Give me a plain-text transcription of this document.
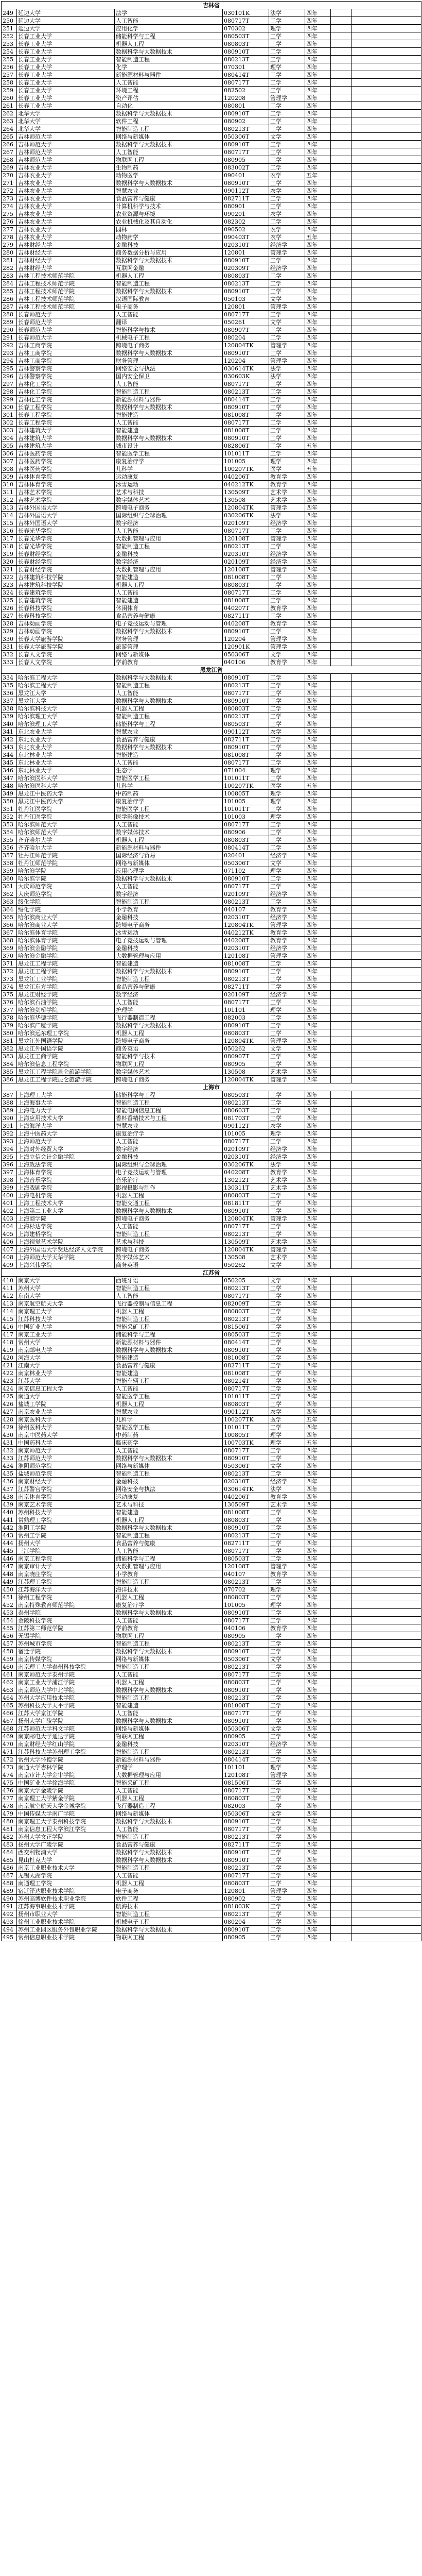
吉林省							
249	延边大学	法学	030101K	法学	四年		
250	延边大学	人工智能	080717T	工学	四年		
251	延边大学	应用化学	070302	理学	四年		
252	长春工业大学	储能科学与工程	080503T	工学	四年		
253	长春工业大学	机器人工程	080803T	工学	四年		
254	长春工业大学	数据科学与大数据技术	080910T	工学	四年		
255	长春工业大学	智能制造工程	080213T	工学	四年		
256	长春工业大学	化学	070301	理学	四年		
257	长春工业大学	新能源材料与器件	080414T	工学	四年		
258	长春工业大学	人工智能	080717T	工学	四年		
259	长春工业大学	环境工程	082502	工学	四年		
260	长春工业大学	资产评估	120208	管理学	四年		
261	长春工业大学	自动化	080801	工学	四年		
262	北华大学	数据科学与大数据技术	080910T	工学	四年		
263	北华大学	软件工程	080902	工学	四年		
264	北华大学	智能制造工程	080213T	工学	四年		
265	吉林师范大学	网络与新媒体	050306T	文学	四年		
266	吉林师范大学	数据科学与大数据技术	080910T	工学	四年		
267	吉林师范大学	人工智能	080717T	工学	四年		
268	吉林师范大学	物联网工程	080905	工学	四年		
269	吉林农业大学	生物制药	083002T	工学	四年		
270	吉林农业大学	动物医学	090401	农学	五年		
271	吉林农业大学	数据科学与大数据技术	080910T	工学	四年		
272	吉林农业大学	智慧农业	090112T	农学	四年		
273	吉林农业大学	食品营养与健康	082711T	工学	四年		
274	吉林农业大学	计算机科学与技术	080901	工学	四年		
275	吉林农业大学	农业资源与环境	090201	农学	四年		
276	吉林农业大学	农业机械化及其自动化	082302	工学	四年		
277	吉林农业大学	园林	090502	农学	四年		
278	吉林农业大学	动物药学	090403T	农学	五年		
279	吉林财经大学	金融科技	020310T	经济学	四年		
280	吉林财经大学	商务数据分析与应用	120801	管理学	四年		
281	吉林财经大学	数据科学与大数据技术	080910T	工学	四年		
282	吉林财经大学	互联网金融	020309T	经济学	四年		
283	吉林工程技术师范学院	机器人工程	080803T	工学	四年		
284	吉林工程技术师范学院	智能制造工程	080213T	工学	四年		
285	吉林工程技术师范学院	数据科学与大数据技术	080910T	工学	四年		
286	吉林工程技术师范学院	汉语国际教育	050103	文学	四年		
287	吉林工程技术师范学院	电子商务	120801	管理学	四年		
288	长春师范大学	人工智能	080717T	工学	四年		
289	长春师范大学	翻译	050261	文学	四年		
290	长春师范大学	智能科学与技术	080907T	工学	四年		
291	长春师范大学	机械电子工程	080204	工学	四年		
292	吉林工商学院	跨境电子商务	120804TK	管理学	四年		
293	吉林工商学院	数据科学与大数据技术	080910T	工学	四年		
294	吉林工商学院	财务管理	120204	管理学	四年		
295	吉林警察学院	网络安全与执法	030614TK	法学	四年		
296	吉林警察学院	国内安全保卫	030603K	法学	四年		
297	吉林化工学院	人工智能	080717T	工学	四年		
298	吉林化工学院	智能制造工程	080213T	工学	四年		
299	吉林化工学院	新能源材料与器件	080414T	工学	四年		
300	长春工程学院	数据科学与大数据技术	080910T	工学	四年		
301	长春工程学院	智能建造	081008T	工学	四年		
302	长春工程学院	人工智能	080717T	工学	四年		
303	吉林建筑大学	智能建造	081008T	工学	四年		
304	吉林建筑大学	数据科学与大数据技术	080910T	工学	四年		
305	吉林建筑大学	城市设计	082806T	工学	五年		
306	吉林医药学院	智能医学工程	101011T	工学	四年		
307	吉林医药学院	康复治疗学	101005	理学	四年		
308	吉林医药学院	儿科学	100207TK	医学	五年		
309	吉林体育学院	运动康复	040206T	教育学	四年		
310	吉林体育学院	冰雪运动	040212TK	教育学	四年		
311	吉林艺术学院	艺术与科技	130509T	艺术学	四年		
312	吉林艺术学院	数字媒体艺术	130508	艺术学	四年		
313	吉林外国语大学	跨境电子商务	120804TK	管理学	四年		
314	吉林外国语大学	国际组织与全球治理	030206TK	法学	四年		
315	吉林外国语大学	数字经济	020109T	经济学	四年		
316	长春光华学院	人工智能	080717T	工学	四年		
317	长春光华学院	大数据管理与应用	120108T	管理学	四年		
318	长春光华学院	智能制造工程	080213T	工学	四年		
319	长春财经学院	金融科技	020310T	经济学	四年		
320	长春财经学院	数字经济	020109T	经济学	四年		
321	长春财经学院	大数据管理与应用	120108T	管理学	四年		
322	吉林建筑科技学院	智能建造	081008T	工学	四年		
323	吉林建筑科技学院	机器人工程	080803T	工学	四年		
324	长春建筑学院	人工智能	080717T	工学	四年		
325	长春建筑学院	智能建造	081008T	工学	四年		
326	长春科技学院	休闲体育	040207T	教育学	四年		
327	长春科技学院	食品营养与健康	082711T	工学	四年		
328	吉林动画学院	电子竞技运动与管理	040208T	教育学	四年		
329	吉林动画学院	数据科学与大数据技术	080910T	工学	四年		
330	长春大学旅游学院	财务管理	120204	管理学	四年		
331	长春大学旅游学院	旅游管理	120901K	管理学	四年		
332	长春人文学院	网络与新媒体	050306T	文学	四年		
333	长春人文学院	学前教育	040106	教育学	四年		
黑龙江省							
334	哈尔滨工程大学	数据科学与大数据技术	080910T	工学	四年		
335	哈尔滨工程大学	智能制造工程	080213T	工学	四年		
336	黑龙江大学	人工智能	080717T	工学	四年		
337	黑龙江大学	数据科学与大数据技术	080910T	工学	四年		
338	哈尔滨科技大学	机器人工程	080803T	工学	四年		
339	哈尔滨理工大学	智能制造工程	080213T	工学	四年		
340	哈尔滨理工大学	储能科学与工程	080503T	工学	四年		
341	东北农业大学	智慧农业	090112T	农学	四年		
342	东北农业大学	食品营养与健康	082711T	工学	四年		
343	东北农业大学	数据科学与大数据技术	080910T	工学	四年		
344	东北林业大学	智能建造	081008T	工学	四年		
345	东北林业大学	人工智能	080717T	工学	四年		
346	东北林业大学	生态学	071004	理学	四年		
347	哈尔滨医科大学	智能医学工程	101011T	工学	四年		
348	哈尔滨医科大学	儿科学	100207TK	医学	五年		
349	黑龙江中医药大学	中药制药	100805T	理学	四年		
350	黑龙江中医药大学	康复治疗学	101005	理学	四年		
351	牡丹江医学院	智能医学工程	101011T	工学	四年		
352	牡丹江医学院	医学影像技术	101003	理学	四年		
353	哈尔滨师范大学	人工智能	080717T	工学	四年		
354	哈尔滨师范大学	数字媒体技术	080906	工学	四年		
355	齐齐哈尔大学	机器人工程	080803T	工学	四年		
356	齐齐哈尔大学	新能源材料与器件	080414T	工学	四年		
357	牡丹江师范学院	国际经济与贸易	020401	经济学	四年		
358	牡丹江师范学院	网络与新媒体	050306T	文学	四年		
359	哈尔滨学院	应用心理学	071102	理学	四年		
360	哈尔滨学院	数据科学与大数据技术	080910T	工学	四年		
361	大庆师范学院	人工智能	080717T	工学	四年		
362	大庆师范学院	数字经济	020109T	经济学	四年		
363	绥化学院	智能制造工程	080213T	工学	四年		
364	绥化学院	小学教育	040107	教育学	四年		
365	哈尔滨商业大学	金融科技	020310T	经济学	四年		
366	哈尔滨商业大学	跨境电子商务	120804TK	管理学	四年		
367	哈尔滨体育学院	冰雪运动	040212TK	教育学	四年		
368	哈尔滨体育学院	电子竞技运动与管理	040208T	教育学	四年		
369	哈尔滨金融学院	金融科技	020310T	经济学	四年		
370	哈尔滨金融学院	大数据管理与应用	120108T	管理学	四年		
371	黑龙江工程学院	智能建造	081008T	工学	四年		
372	黑龙江工程学院	数据科学与大数据技术	080910T	工学	四年		
373	黑龙江工业学院	智能制造工程	080213T	工学	四年		
374	黑龙江东方学院	食品营养与健康	082711T	工学	四年		
375	黑龙江财经学院	数字经济	020109T	经济学	四年		
376	哈尔滨石油学院	人工智能	080717T	工学	四年		
377	哈尔滨剑桥学院	护理学	101101	理学	四年		
378	哈尔滨华德学院	飞行器制造工程	082003	工学	四年		
379	哈尔滨广厦学院	数据科学与大数据技术	080910T	工学	四年		
380	哈尔滨远东理工学院	机器人工程	080803T	工学	四年		
381	黑龙江外国语学院	跨境电子商务	120804TK	管理学	四年		
382	黑龙江外国语学院	商务英语	050262	文学	四年		
383	黑龙江工商学院	智能科学与技术	080907T	工学	四年		
384	哈尔滨信息工程学院	物联网工程	080905	工学	四年		
385	黑龙江工程学院昆仑旅游学院	数字媒体艺术	130508	艺术学	四年		
386	黑龙江工程学院昆仑旅游学院	跨境电子商务	120804TK	管理学	四年		
上海市							
387	上海理工大学	储能科学与工程	080503T	工学	四年		
388	上海海事大学	智能制造工程	080213T	工学	四年		
389	上海电力大学	智能电网信息工程	080603T	工学	四年		
390	上海应用技术大学	香料香精技术与工程	081703T	工学	四年		
391	上海海洋大学	智慧农业	090112T	农学	四年		
392	上海中医药大学	康复治疗学	101005	理学	四年		
393	上海师范大学	人工智能	080717T	工学	四年		
394	上海对外经贸大学	数字经济	020109T	经济学	四年		
395	上海立信会计金融学院	金融科技	020310T	经济学	四年		
396	上海政法学院	国际组织与全球治理	030206TK	法学	四年		
397	上海体育学院	电子竞技运动与管理	040208T	教育学	四年		
398	上海音乐学院	音乐治疗	130212T	艺术学	四年		
399	上海戏剧学院	影视摄影与制作	130311T	艺术学	四年		
400	上海电机学院	机器人工程	080803T	工学	四年		
401	上海工程技术大学	智能交通工程	081811T	工学	四年		
402	上海第二工业大学	数据科学与大数据技术	080910T	工学	四年		
403	上海商学院	跨境电子商务	120804TK	管理学	四年		
404	上海杉达学院	人工智能	080717T	工学	四年		
405	上海建桥学院	智能制造工程	080213T	工学	四年		
406	上海视觉艺术学院	艺术与科技	130509T	艺术学	四年		
407	上海外国语大学贤达经济人文学院	跨境电子商务	120804TK	管理学	四年		
408	上海师范大学天华学院	数字媒体艺术	130508	艺术学	四年		
409	上海兴伟学院	商务英语	050262	文学	四年		
江苏省							
410	南京大学	西班牙语	050205	文学	四年		
411	苏州大学	智能制造工程	080213T	工学	四年		
412	东南大学	人工智能	080717T	工学	四年		
413	南京航空航天大学	飞行器控制与信息工程	082009T	工学	四年		
414	南京理工大学	机器人工程	080803T	工学	四年		
415	江苏科技大学	智能制造工程	080213T	工学	四年		
416	中国矿业大学	智能采矿工程	081506T	工学	四年		
417	南京工业大学	储能科学与工程	080503T	工学	四年		
418	常州大学	新能源材料与器件	080414T	工学	四年		
419	南京邮电大学	数据科学与大数据技术	080910T	工学	四年		
420	河海大学	智能建造	081008T	工学	四年		
421	江南大学	食品营养与健康	082711T	工学	四年		
422	南京林业大学	智能建造	081008T	工学	四年		
423	江苏大学	智能车辆工程	080214T	工学	四年		
424	南京信息工程大学	人工智能	080717T	工学	四年		
425	南通大学	智能医学工程	101011T	工学	四年		
426	盐城工学院	机器人工程	080803T	工学	四年		
427	南京农业大学	智慧农业	090112T	农学	四年		
428	南京医科大学	儿科学	100207TK	医学	五年		
429	徐州医科大学	智能医学工程	101011T	工学	四年		
430	南京中医药大学	中药制药	100805T	理学	四年		
431	中国药科大学	临床药学	100703TK	理学	五年		
432	南京师范大学	人工智能	080717T	工学	四年		
433	江苏师范大学	数据科学与大数据技术	080910T	工学	四年		
434	淮阴师范学院	网络与新媒体	050306T	文学	四年		
435	盐城师范学院	智能制造工程	080213T	工学	四年		
436	南京财经大学	金融科技	020310T	经济学	四年		
437	江苏警官学院	网络安全与执法	030614TK	法学	四年		
438	南京体育学院	运动康复	040206T	教育学	四年		
439	南京艺术学院	艺术与科技	130509T	艺术学	四年		
440	苏州科技大学	智能建造	081008T	工学	四年		
441	常熟理工学院	机器人工程	080803T	工学	四年		
442	淮阴工学院	数据科学与大数据技术	080910T	工学	四年		
443	常州工学院	智能制造工程	080213T	工学	四年		
444	扬州大学	食品营养与健康	082711T	工学	四年		
445	三江学院	人工智能	080717T	工学	四年		
446	南京工程学院	储能科学与工程	080503T	工学	四年		
447	南京审计大学	大数据管理与应用	120108T	管理学	四年		
448	南京晓庄学院	小学教育	040107	教育学	四年		
449	江苏理工学院	智能制造工程	080213T	工学	四年		
450	江苏海洋大学	海洋技术	070702	理学	四年		
451	徐州工程学院	机器人工程	080803T	工学	四年		
452	南京特殊教育师范学院	康复治疗学	101005	理学	四年		
453	泰州学院	数据科学与大数据技术	080910T	工学	四年		
454	金陵科技学院	人工智能	080717T	工学	四年		
455	江苏第二师范学院	学前教育	040106	教育学	四年		
456	无锡学院	物联网工程	080905	工学	四年		
457	苏州城市学院	智能制造工程	080213T	工学	四年		
458	宿迁学院	数据科学与大数据技术	080910T	工学	四年		
459	南京传媒学院	网络与新媒体	050306T	文学	四年		
460	南京理工大学泰州科技学院	智能制造工程	080213T	工学	四年		
461	南京师范大学泰州学院	人工智能	080717T	工学	四年		
462	南京工业大学浦江学院	机器人工程	080803T	工学	四年		
463	南京师范大学中北学院	数据科学与大数据技术	080910T	工学	四年		
464	苏州大学应用技术学院	智能制造工程	080213T	工学	四年		
465	苏州科技大学天平学院	智能建造	081008T	工学	四年		
466	江苏大学京江学院	人工智能	080717T	工学	四年		
467	扬州大学广陵学院	数据科学与大数据技术	080910T	工学	四年		
468	江苏师范大学科文学院	网络与新媒体	050306T	文学	四年		
469	南京邮电大学通达学院	物联网工程	080905	工学	四年		
470	南京财经大学红山学院	金融科技	020310T	经济学	四年		
471	江苏科技大学苏州理工学院	智能制造工程	080213T	工学	四年		
472	常州大学怀德学院	新能源材料与器件	080414T	工学	四年		
473	南通大学杏林学院	护理学	101101	理学	四年		
474	南京审计大学金审学院	大数据管理与应用	120108T	管理学	四年		
475	中国矿业大学徐海学院	智能采矿工程	081506T	工学	四年		
476	南京大学金陵学院	人工智能	080717T	工学	四年		
477	南京理工大学紫金学院	机器人工程	080803T	工学	四年		
478	南京航空航天大学金城学院	飞行器制造工程	082003	工学	四年		
479	中国传媒大学南广学院	网络与新媒体	050306T	文学	四年		
480	南京理工大学泰州科技学院	数据科学与大数据技术	080910T	工学	四年		
481	南京信息工程大学滨江学院	人工智能	080717T	工学	四年		
482	苏州大学文正学院	智能制造工程	080213T	工学	四年		
483	扬州大学广陵学院	食品营养与健康	082711T	工学	四年		
484	西交利物浦大学	数据科学与大数据技术	080910T	工学	四年		
485	昆山杜克大学	数据科学与大数据技术	080910T	工学	四年		
486	南京工业职业技术大学	智能制造工程	080213T	工学	四年		
487	无锡太湖学院	人工智能	080717T	工学	四年		
488	南通理工学院	机器人工程	080803T	工学	四年		
489	宿迁泽达职业技术学院	电子商务	120801	管理学	四年		
490	苏州高博软件技术职业学院	软件工程	080902	工学	四年		
491	江苏海事职业技术学院	航海技术	081803K	工学	四年		
492	扬州市职业大学	智能制造工程	080213T	工学	四年		
493	徐州工业职业技术学院	机械电子工程	080204	工学	四年		
494	苏州工业园区服务外包职业学院	数据科学与大数据技术	080910T	工学	四年		
495	常州信息职业技术学院	物联网工程	080905	工学	四年		
